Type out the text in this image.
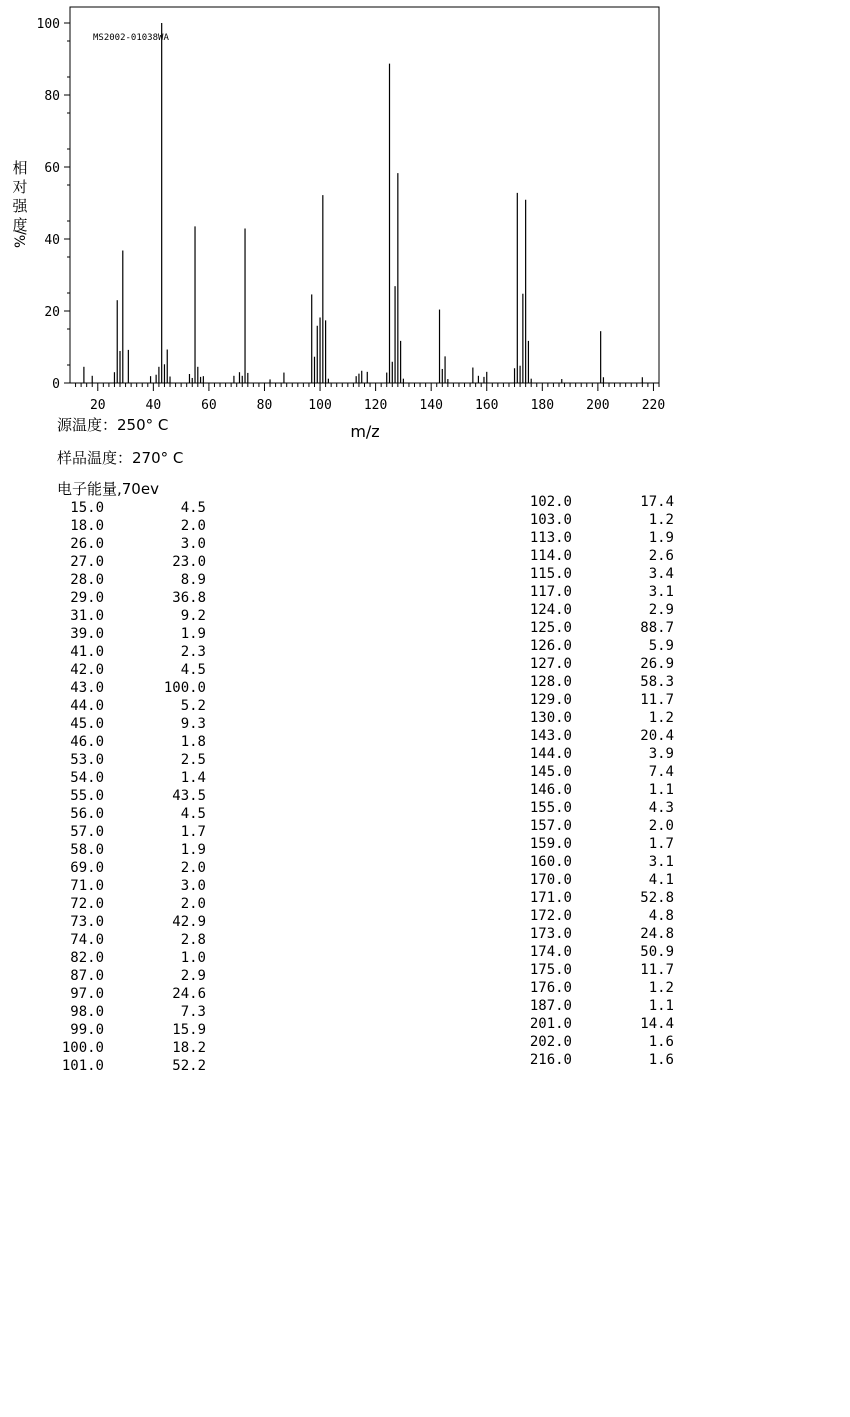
MS2002-01038WA
0
20
40
60
80
100
20	40	60	80	100 120 140 160 180 200 220
相
对
强
度
%/
m/z
源温度：250° C
样品温度：270° C
电子能量,70ev
15.0	4.5
18.0	2.0
26.0	3.0
27.0	23.0
28.0	8.9
29.0	36.8
31.0	9.2
39.0	1.9
41.0	2.3
42.0	4.5
43.0	100.0
44.0	5.2
45.0	9.3
46.0	1.8
53.0	2.5
54.0	1.4
55.0	43.5
56.0	4.5
57.0	1.7
58.0	1.9
69.0	2.0
71.0	3.0
72.0	2.0
73.0	42.9
74.0	2.8
82.0	1.0
87.0	2.9
97.0	24.6
98.0	7.3
99.0	15.9
100.0	18.2
101.0	52.2
102.0	17.4
103.0	1.2
113.0	1.9
114.0	2.6
115.0	3.4
117.0	3.1
124.0	2.9
125.0	88.7
126.0	5.9
127.0	26.9
128.0	58.3
129.0	11.7
130.0	1.2
143.0	20.4
144.0	3.9
145.0	7.4
146.0	1.1
155.0	4.3
157.0	2.0
159.0	1.7
160.0	3.1
170.0	4.1
171.0	52.8
172.0	4.8
173.0	24.8
174.0	50.9
175.0	11.7
176.0	1.2
187.0	1.1
201.0	14.4
202.0	1.6
216.0	1.6
